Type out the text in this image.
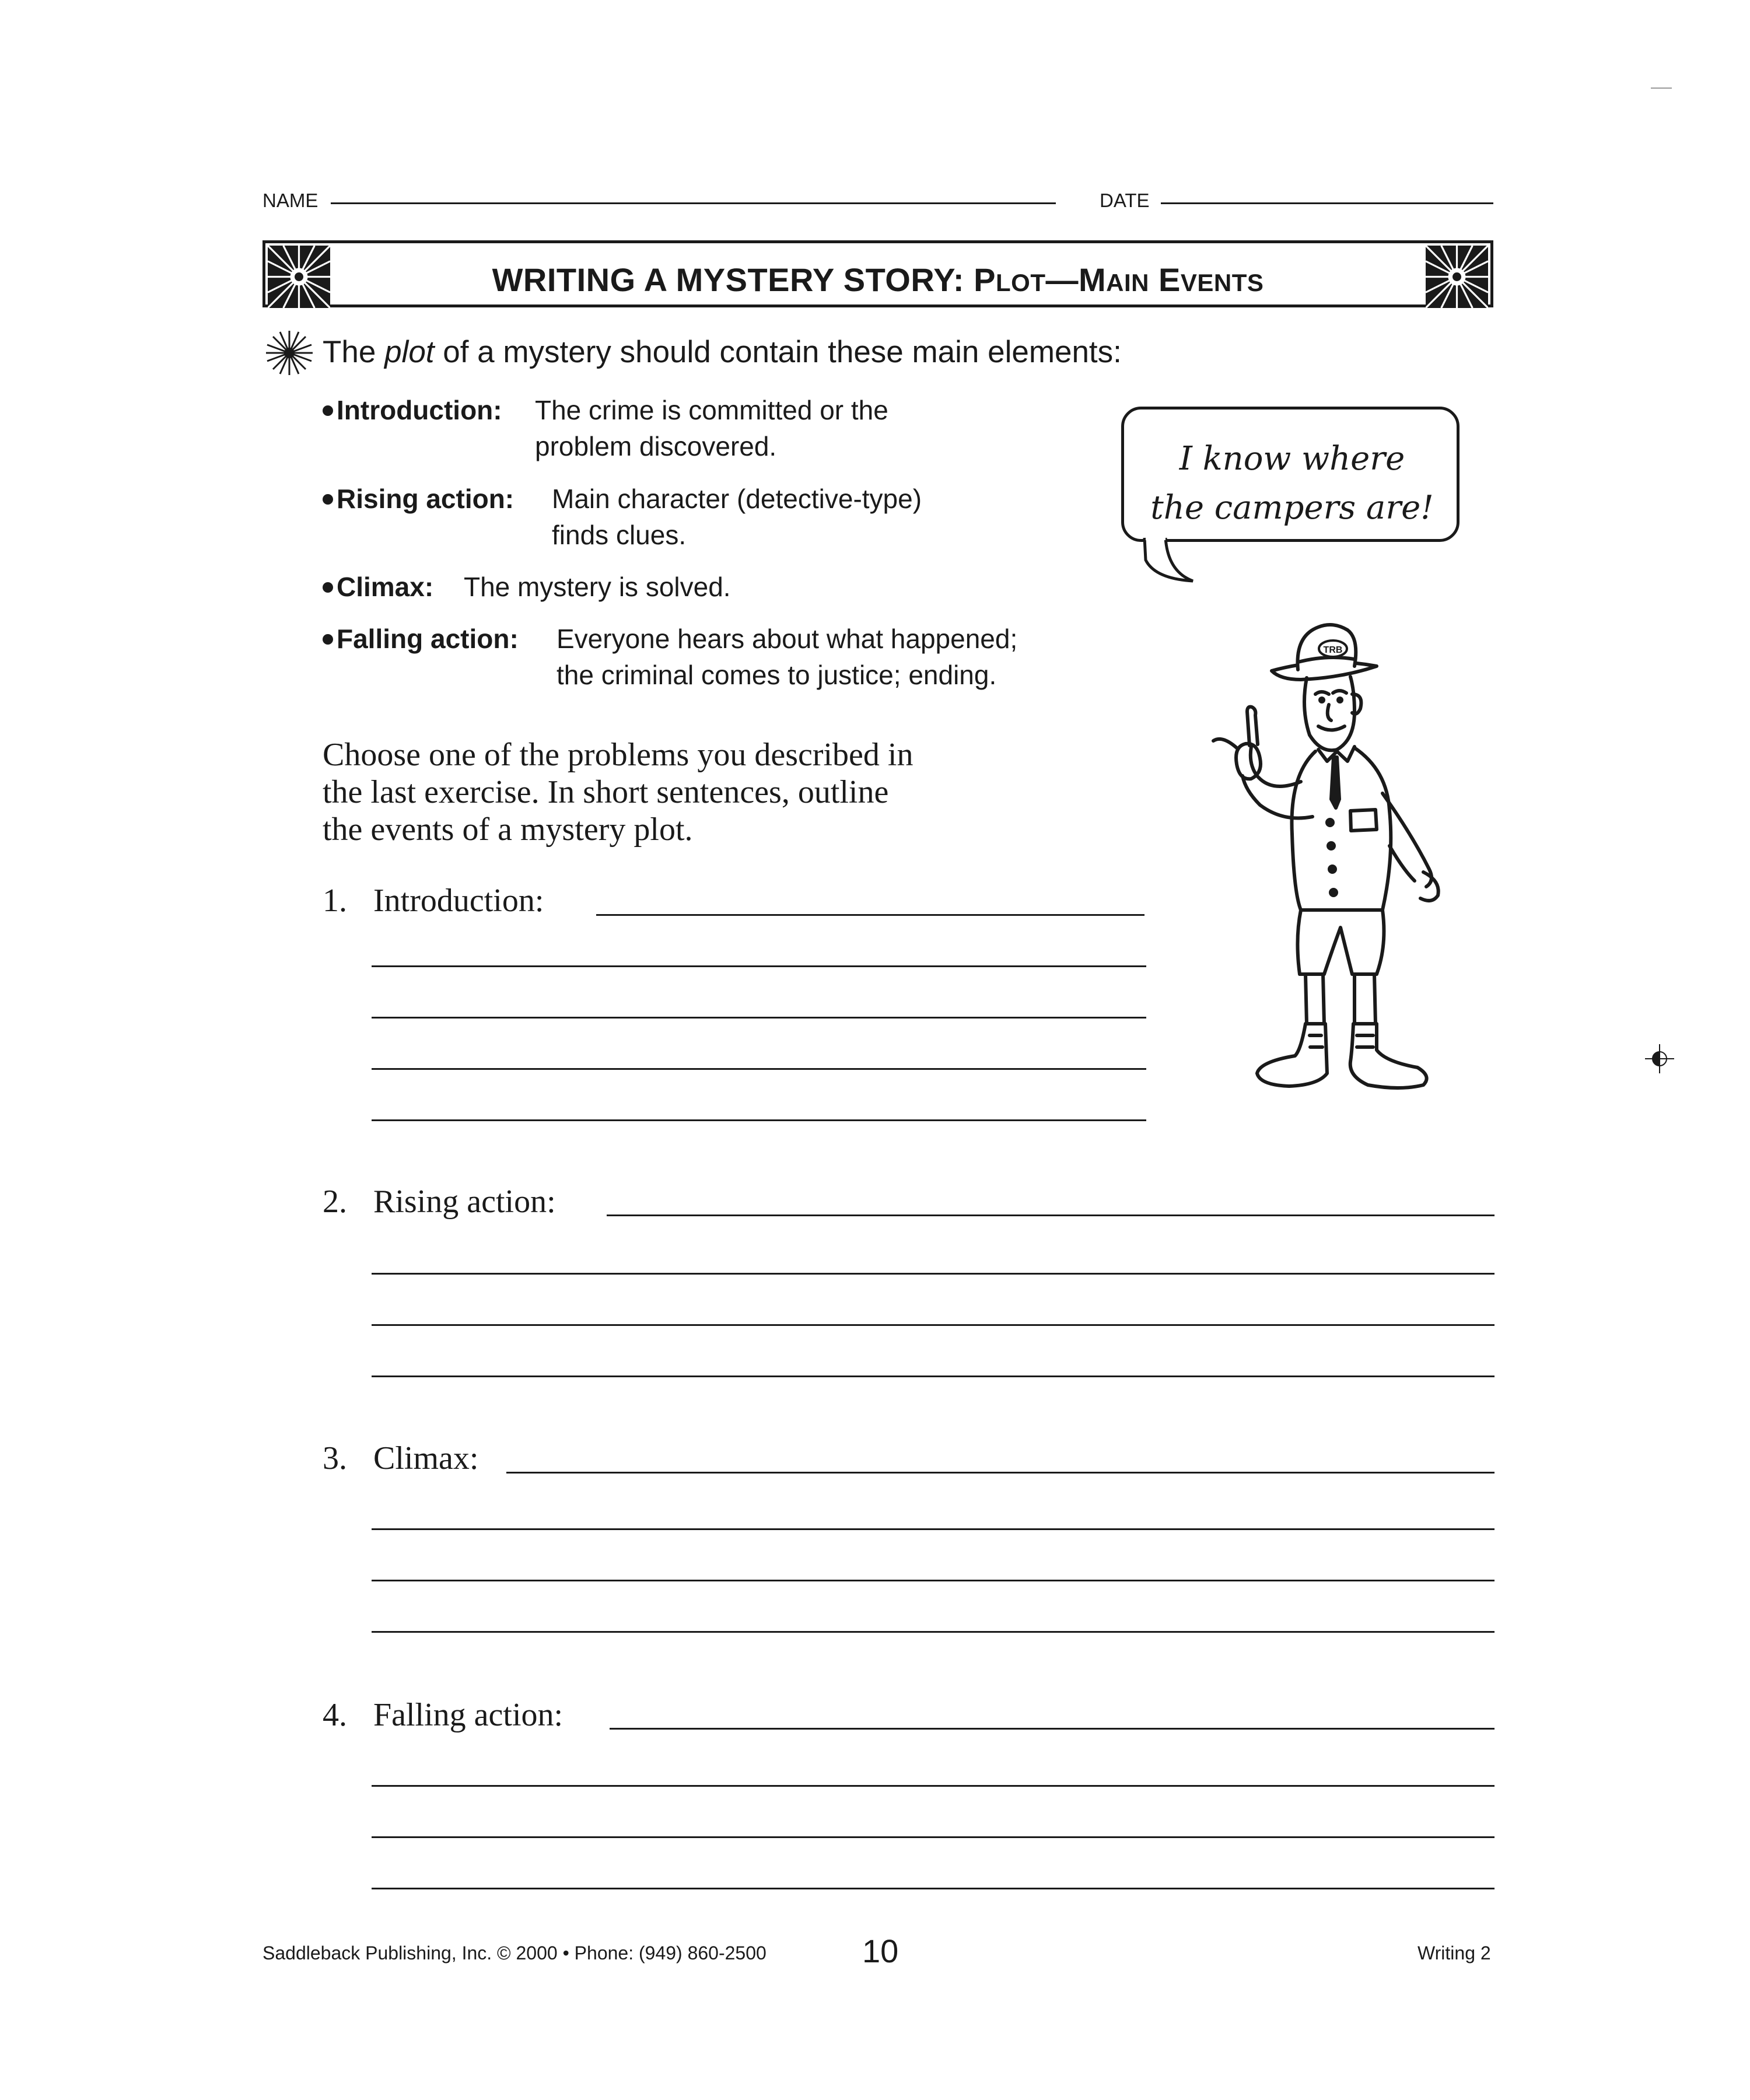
NAME	DATE
WRITING A MYSTERY STORY: PLOT—MAIN EVENTS
The plot of a mystery should contain these main elements:
Introduction: The crime is committed or the
problem discovered.
Rising action: Main character (detective-type)
finds clues.
Climax: The mystery is solved.
Falling action: Everyone hears about what happened;
the criminal comes to justice; ending.
Choose one of the problems you described in
the last exercise. In short sentences, outline
the events of a mystery plot.
1. Introduction:
2. Rising action:
3. Climax:
4. Falling action:
I know where
the campers are!
TRB
Saddleback Publishing, Inc. © 2000 • Phone: (949) 860-2500	10	Writing 2
